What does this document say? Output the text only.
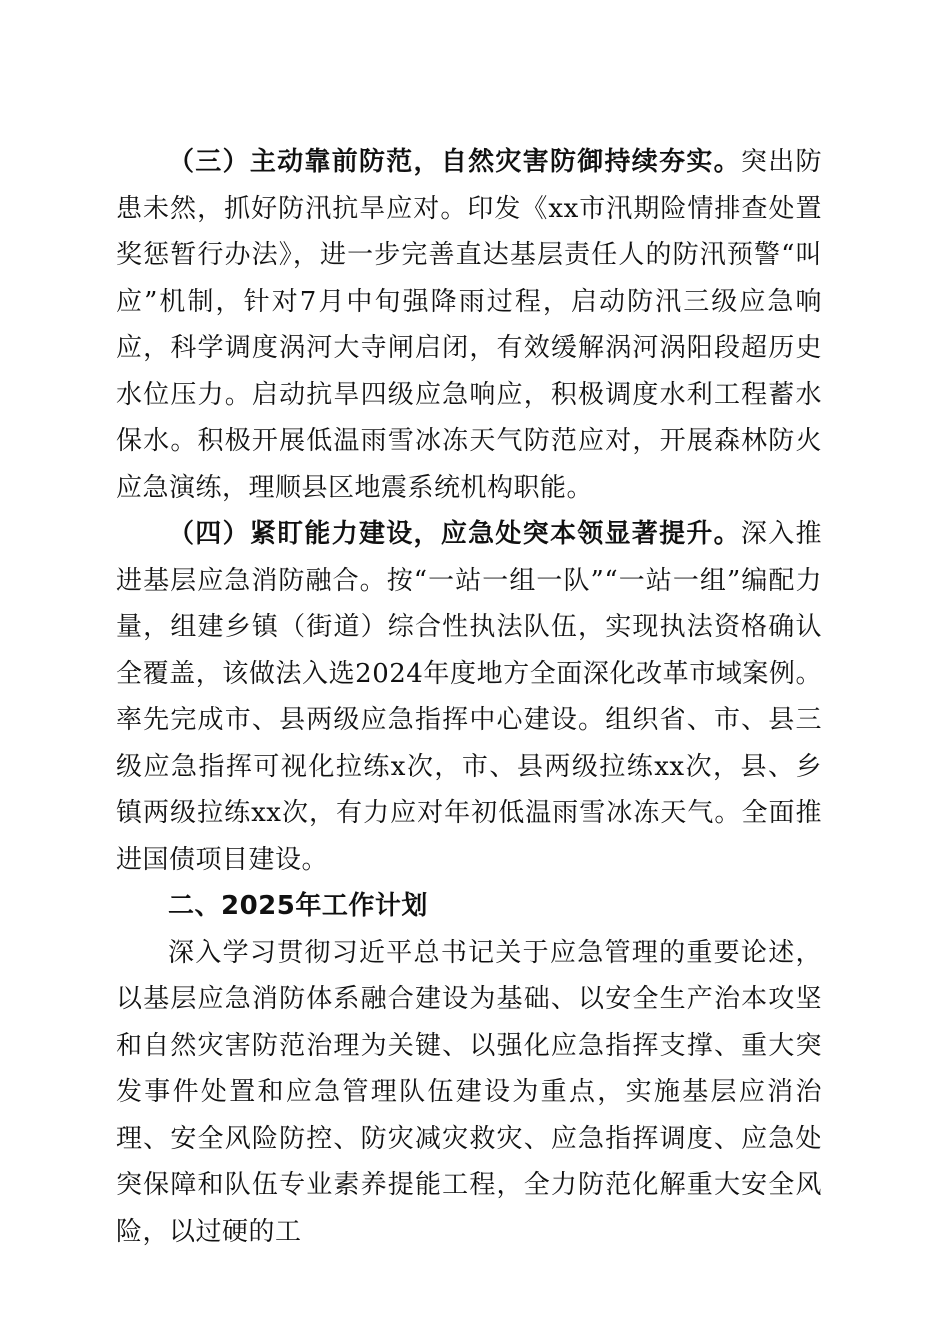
（三）主动靠前防范，自然灾害防御持续夯实。突出防患未然，抓好防汛抗旱应对。印发《xx市汛期险情排查处置奖惩暂行办法》，进一步完善直达基层责任人的防汛预警“叫应”机制，针对7月中旬强降雨过程，启动防汛三级应急响应，科学调度涡河大寺闸启闭，有效缓解涡河涡阳段超历史水位压力。启动抗旱四级应急响应，积极调度水利工程蓄水保水。积极开展低温雨雪冰冻天气防范应对，开展森林防火应急演练，理顺县区地震系统机构职能。

（四）紧盯能力建设，应急处突本领显著提升。深入推进基层应急消防融合。按“一站一组一队”“一站一组”编配力量，组建乡镇（街道）综合性执法队伍，实现执法资格确认全覆盖，该做法入选2024年度地方全面深化改革市域案例。率先完成市、县两级应急指挥中心建设。组织省、市、县三级应急指挥可视化拉练x次，市、县两级拉练xx次，县、乡镇两级拉练xx次，有力应对年初低温雨雪冰冻天气。全面推进国债项目建设。

二、2025年工作计划

深入学习贯彻习近平总书记关于应急管理的重要论述，以基层应急消防体系融合建设为基础、以安全生产治本攻坚和自然灾害防范治理为关键、以强化应急指挥支撑、重大突发事件处置和应急管理队伍建设为重点，实施基层应消治理、安全风险防控、防灾减灾救灾、应急指挥调度、应急处突保障和队伍专业素养提能工程，全力防范化解重大安全风险，以过硬的工
